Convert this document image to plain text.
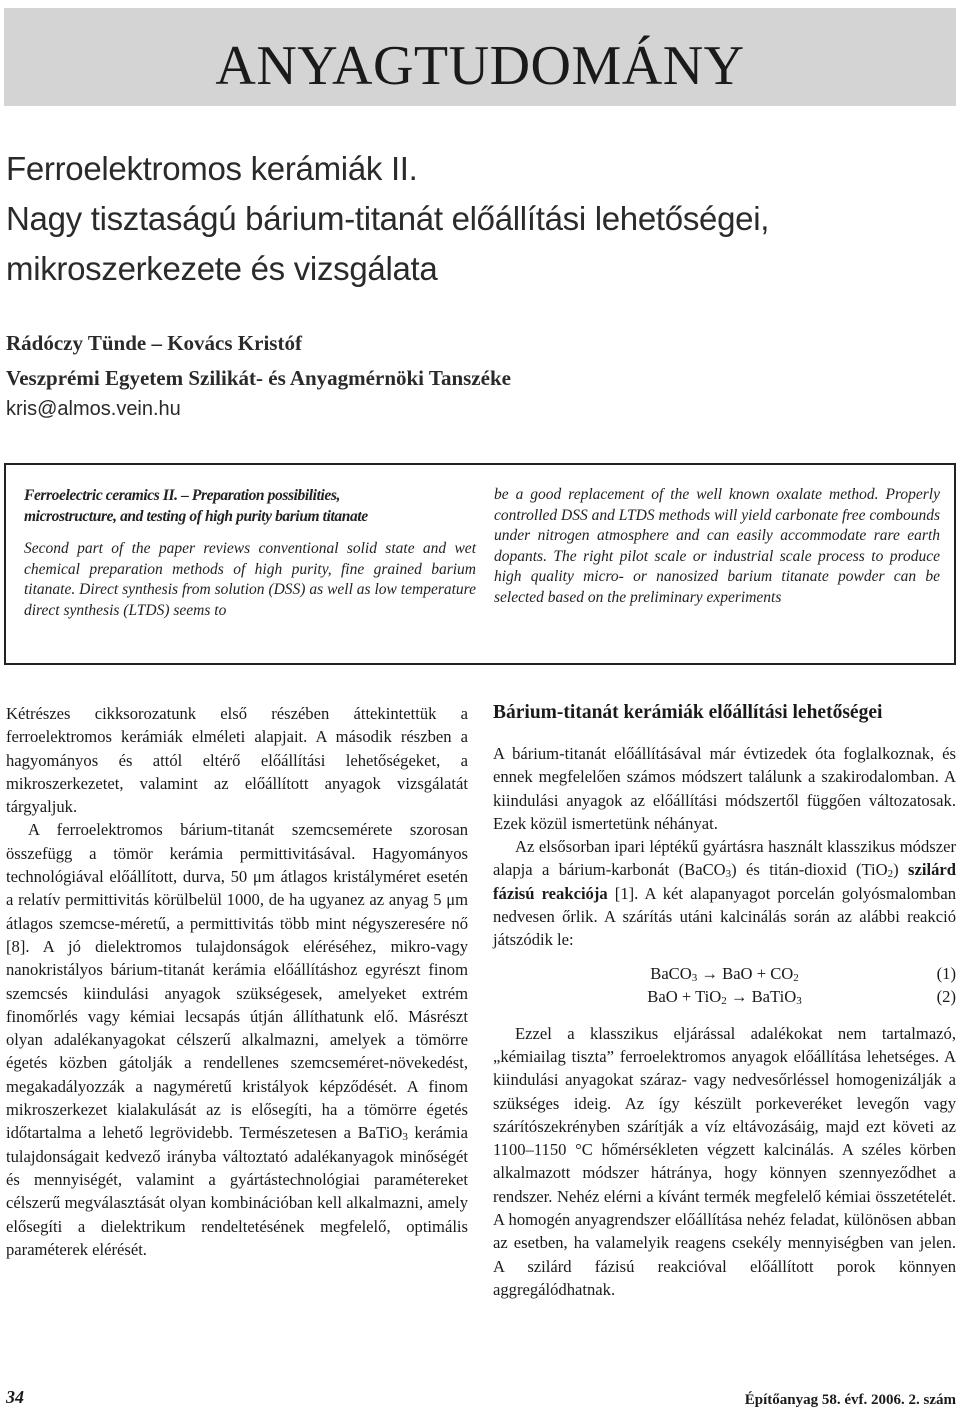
ANYAGTUDOMÁNY
Ferroelektromos kerámiák II.
Nagy tisztaságú bárium-titanát előállítási lehetőségei,
mikroszerkezete és vizsgálata
Rádóczy Tünde – Kovács Kristóf
Veszprémi Egyetem Szilikát- és Anyagmérnöki Tanszéke
kris@almos.vein.hu
Ferroelectric ceramics II. – Preparation possibilities,
microstructure, and testing of high purity barium titanate

Second part of the paper reviews conventional solid state and wet chemical preparation methods of high purity, fine grained barium titanate. Direct synthesis from solution (DSS) as well as low temperature direct synthesis (LTDS) seems to

be a good replacement of the well known oxalate method. Properly controlled DSS and LTDS methods will yield carbonate free combounds under nitrogen atmosphere and can easily accommodate rare earth dopants. The right pilot scale or industrial scale process to produce high quality micro- or nanosized barium titanate powder can be selected based on the preliminary experiments

Kétrészes cikksorozatunk első részében áttekintettük a ferroelektromos kerámiák elméleti alapjait. A második részben a hagyományos és attól eltérő előállítási lehetőségeket, a mikroszerkezetet, valamint az előállított anyagok vizsgálatát tárgyaljuk.

A ferroelektromos bárium-titanát szemcsemérete szorosan összefügg a tömör kerámia permittivitásával. Hagyományos technológiával előállított, durva, 50 μm átlagos kristályméret esetén a relatív permittivitás körülbelül 1000, de ha ugyanez az anyag 5 μm átlagos szemcse-méretű, a permittivitás több mint négyszeresére nő [8]. A jó dielektromos tulajdonságok eléréséhez, mikro-vagy nanokristályos bárium-titanát kerámia előállításhoz egyrészt finom szemcsés kiindulási anyagok szükségesek, amelyeket extrém finomőrlés vagy kémiai lecsapás útján állíthatunk elő. Másrészt olyan adalékanyagokat célszerű alkalmazni, amelyek a tömörre égetés közben gátolják a rendellenes szemcseméret-növekedést, megakadályozzák a nagyméretű kristályok képződését. A finom mikroszerkezet kialakulását az is elősegíti, ha a tömörre égetés időtartalma a lehető legrövidebb. Természetesen a BaTiO$_3$ kerámia tulajdonságait kedvező irányba változtató adalékanyagok minőségét és mennyiségét, valamint a gyártástechnológiai paramétereket célszerű megválasztását olyan kombinációban kell alkalmazni, amely elősegíti a dielektrikum rendeltetésének megfelelő, optimális paraméterek elérését.

Bárium-titanát kerámiák előállítási lehetőségei

A bárium-titanát előállításával már évtizedek óta foglalkoznak, és ennek megfelelően számos módszert találunk a szakirodalomban. A kiindulási anyagok az előállítási módszertől függően változatosak. Ezek közül ismertetünk néhányat.

Az elsősorban ipari léptékű gyártásra használt klasszikus módszer alapja a bárium-karbonát (BaCO$_3$) és titán-dioxid (TiO$_2$) szilárd fázisú reakciója [1]. A két alapanyagot porcelán golyósmalomban nedvesen őrlik. A szárítás utáni kalcinálás során az alábbi reakció játszódik le:

BaCO$_3$ → BaO + $CO_2$	(1)
BaO + TiO$_2$ → BaTiO$_3$	(2)

Ezzel a klasszikus eljárással adalékokat nem tartalmazó, „kémiailag tiszta” ferroelektromos anyagok előállítása lehetséges. A kiindulási anyagokat száraz- vagy nedvesőrléssel homogenizálják a szükséges ideig. Az így készült porkeveréket levegőn vagy szárítószekrényben szárítják a víz eltávozásáig, majd ezt követi az 1100–1150 °C hőmérsékleten végzett kalcinálás. A széles körben alkalmazott módszer hátránya, hogy könnyen szennyeződhet a rendszer. Nehéz elérni a kívánt termék megfelelő kémiai összetételét. A homogén anyagrendszer előállítása nehéz feladat, különösen abban az esetben, ha valamelyik reagens csekély mennyiségben van jelen. A szilárd fázisú reakcióval előállított porok könnyen aggregálódhatnak.

34	Építőanyag 58. évf. 2006. 2. szám
